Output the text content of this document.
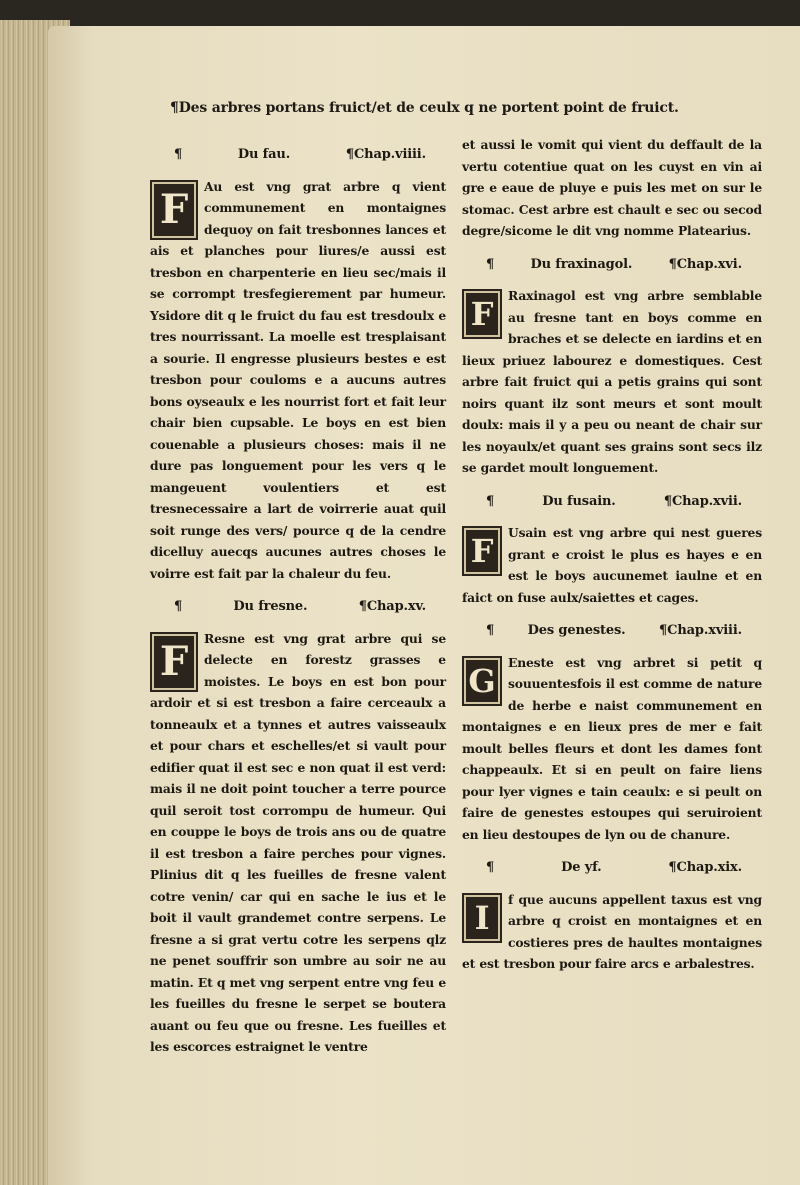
¶Des arbres portans fruict/et de ceulx q ne portent point de fruict.
¶	Du fau.	¶Chap.viiii.
F	Au est vng grat arbre q vient communement en montaignes dequoy on fait tresbonnes lances et ais et planches pour liures/e aussi est tresbon en charpenterie en lieu sec/mais il se corrompt tresfegierement par humeur. Ysidore dit q le fruict du fau est tresdoulx e tres nourrissant. La moelle est tresplaisant a sourie. Il engresse plusieurs bestes e est tresbon pour couloms e a aucuns autres bons oyseaulx e les nourrist fort et fait leur chair bien cupsable. Le boys en est bien couenable a plusieurs choses: mais il ne dure pas longuement pour les vers q le mangeuent voulentiers et est tresnecessaire a lart de voirrerie auat quil soit runge des vers/ pource q de la cendre dicelluy auecqs aucunes autres choses le voirre est fait par la chaleur du feu.
¶	Du fresne.	¶Chap.xv.
F	Resne est vng grat arbre qui se delecte en forestz grasses e moistes. Le boys en est bon pour ardoir et si est tresbon a faire cerceaulx a tonneaulx et a tynnes et autres vaisseaulx et pour chars et eschelles/et si vault pour edifier quat il est sec e non quat il est verd: mais il ne doit point toucher a terre pource quil seroit tost corrompu de humeur. Qui en couppe le boys de trois ans ou de quatre il est tresbon a faire perches pour vignes. Plinius dit q les fueilles de fresne valent cotre venin/ car qui en sache le ius et le boit il vault grandemet contre serpens. Le fresne a si grat vertu cotre les serpens qlz ne penet souffrir son umbre au soir ne au matin. Et q met vng serpent entre vng feu e les fueilles du fresne le serpet se boutera auant ou feu que ou fresne. Les fueilles et les escorces estraignet le ventre
et aussi le vomit qui vient du deffault de la vertu cotentiue quat on les cuyst en vin ai gre e eaue de pluye e puis les met on sur le stomac. Cest arbre est chault e sec ou secod degre/sicome le dit vng nomme Platearius.
¶	Du fraxinagol.	¶Chap.xvi.
F	Raxinagol est vng arbre semblable au fresne tant en boys comme en braches et se delecte en iardins et en lieux priuez labourez e domestiques. Cest arbre fait fruict qui a petis grains qui sont noirs quant ilz sont meurs et sont moult doulx: mais il y a peu ou neant de chair sur les noyaulx/et quant ses grains sont secs ilz se gardet moult longuement.
¶	Du fusain.	¶Chap.xvii.
F	Usain est vng arbre qui nest gueres grant e croist le plus es hayes e en est le boys aucunemet iaulne et en faict on fuse aulx/saiettes et cages.
¶	Des genestes.	¶Chap.xviii.
G	Eneste est vng arbret si petit q souuentesfois il est comme de nature de herbe e naist communement en montaignes e en lieux pres de mer e fait moult belles fleurs et dont les dames font chappeaulx. Et si en peult on faire liens pour lyer vignes e tain ceaulx: e si peult on faire de genestes estoupes qui seruiroient en lieu destoupes de lyn ou de chanure.
¶	De yf.	¶Chap.xix.
I	f que aucuns appellent taxus est vng arbre q croist en montaignes et en costieres pres de haultes montaignes et est tresbon pour faire arcs e arbalestres.
